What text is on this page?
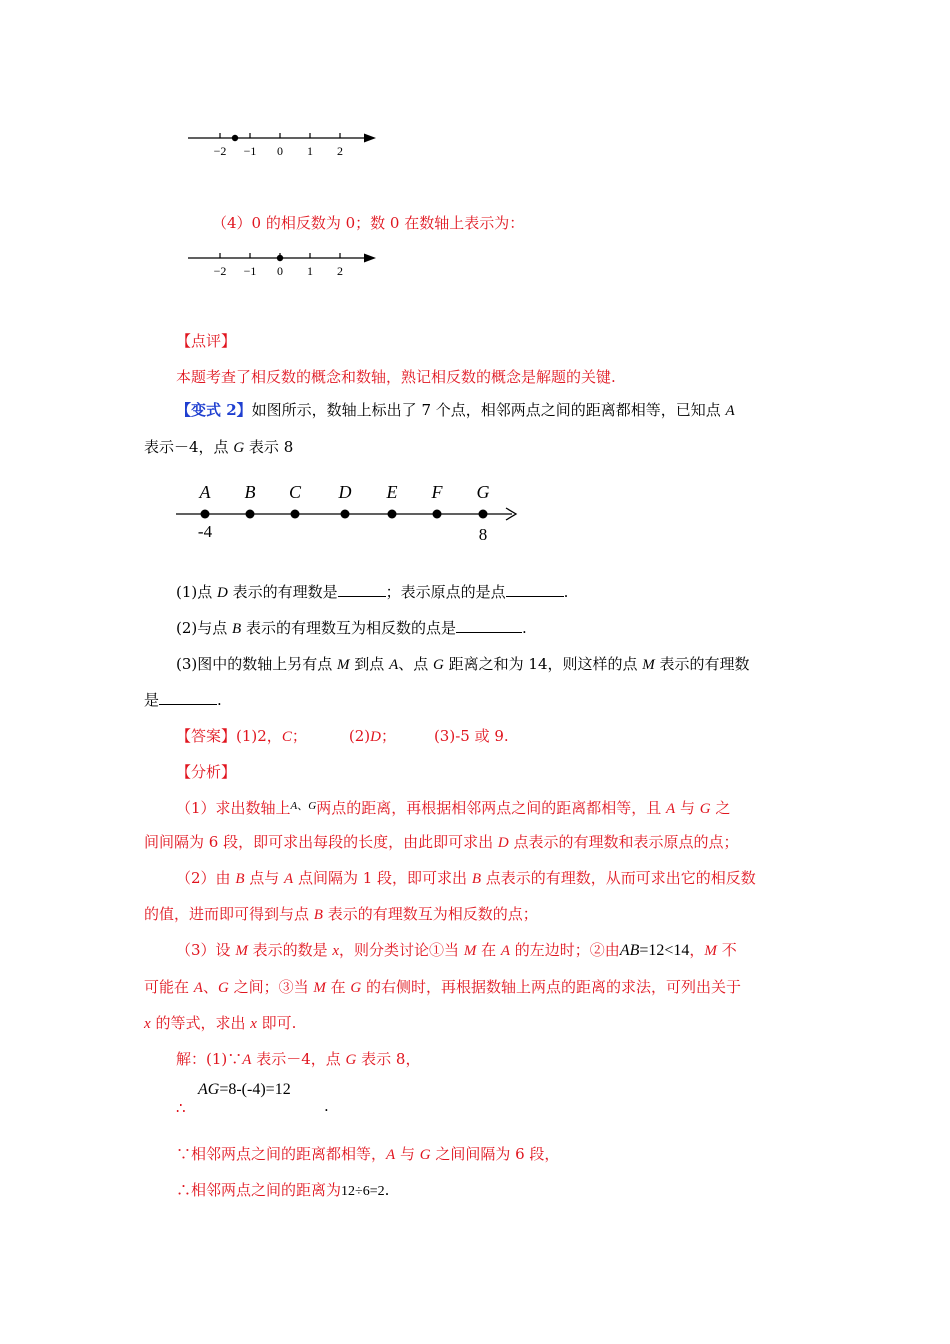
−2 −1 0 1 2
（4）0 的相反数为 0；数 0 在数轴上表示为：
−2 −1 0 1 2
【点评】
本题考查了相反数的概念和数轴，熟记相反数的概念是解题的关键.
【变式 2】如图所示，数轴上标出了 7 个点，相邻两点之间的距离都相等，已知点 A
表示－4，点 G 表示 8
A B C D E F G
-4	8
(1)点 D 表示的有理数是	；表示原点的是点	.
(2)与点 B 表示的有理数互为相反数的点是	.
(3)图中的数轴上另有点 M 到点 A、点 G 距离之和为 14，则这样的点 M 表示的有理数
是	.
【答案】(1)2，C；	(2)D；	(3)-5 或 9.
【分析】
（1）求出数轴上$^{A、G}$两点的距离，再根据相邻两点之间的距离都相等，且 A 与 G 之
间间隔为 6 段，即可求出每段的长度，由此即可求出 D 点表示的有理数和表示原点的点；
（2）由 B 点与 A 点间隔为 1 段，即可求出 B 点表示的有理数，从而可求出它的相反数
的值，进而即可得到与点 B 表示的有理数互为相反数的点；
（3）设 M 表示的数是 x，则分类讨论①当 M 在 A 的左边时；②由AB=12<14，M 不
可能在 A、G 之间；③当 M 在 G 的右侧时，再根据数轴上两点的距离的求法，可列出关于
x 的等式，求出 x 即可.
解：(1)∵A 表示－4，点 G 表示 8，
AG=8-(-4)=12
∴	.
∵相邻两点之间的距离都相等，A 与 G 之间间隔为 6 段，
∴相邻两点之间的距离为12÷6=2.
